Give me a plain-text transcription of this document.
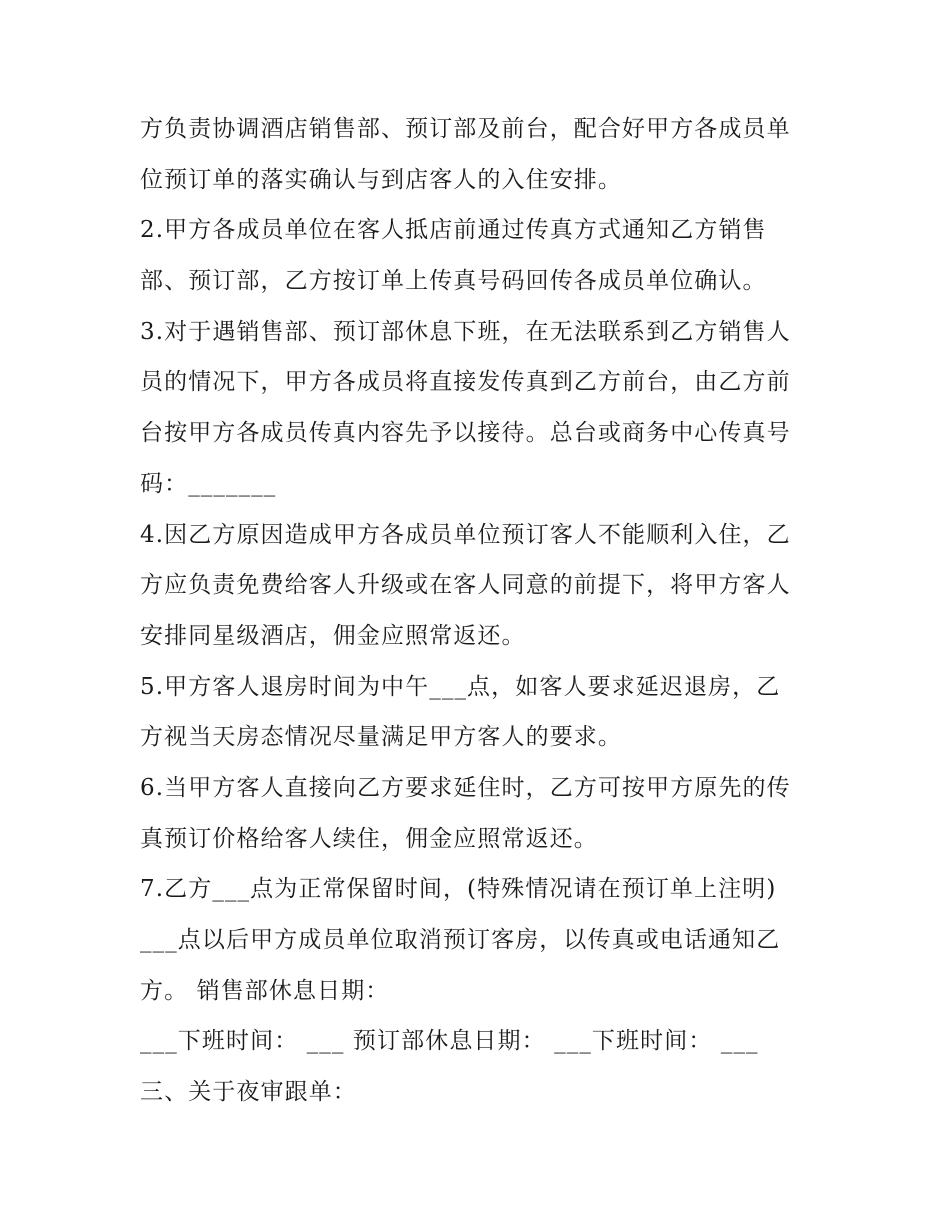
方负责协调酒店销售部、预订部及前台，配合好甲方各成员单
位预订单的落实确认与到店客人的入住安排。
2.甲方各成员单位在客人抵店前通过传真方式通知乙方销售
部、预订部，乙方按订单上传真号码回传各成员单位确认。
3.对于遇销售部、预订部休息下班，在无法联系到乙方销售人
员的情况下，甲方各成员将直接发传真到乙方前台，由乙方前
台按甲方各成员传真内容先予以接待。总台或商务中心传真号
码：_______
4.因乙方原因造成甲方各成员单位预订客人不能顺利入住，乙
方应负责免费给客人升级或在客人同意的前提下，将甲方客人
安排同星级酒店，佣金应照常返还。
5.甲方客人退房时间为中午___点，如客人要求延迟退房，乙
方视当天房态情况尽量满足甲方客人的要求。
6.当甲方客人直接向乙方要求延住时，乙方可按甲方原先的传
真预订价格给客人续住，佣金应照常返还。
7.乙方___点为正常保留时间，(特殊情况请在预订单上注明)
___点以后甲方成员单位取消预订客房，以传真或电话通知乙
方。 销售部休息日期：
___下班时间： ___ 预订部休息日期： ___下班时间： ___
三、关于夜审跟单：
